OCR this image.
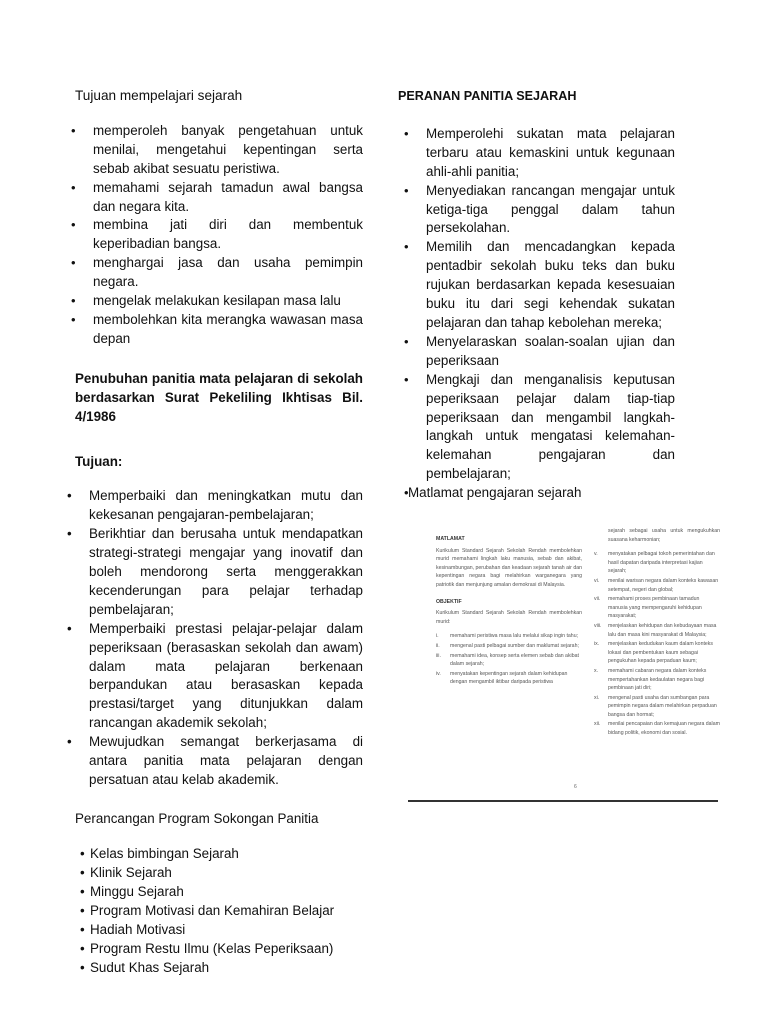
Tujuan mempelajari sejarah

• memperoleh banyak pengetahuan untuk menilai, mengetahui kepentingan serta sebab akibat sesuatu peristiwa.
• memahami sejarah tamadun awal bangsa dan negara kita.
• membina jati diri dan membentuk keperibadian bangsa.
• menghargai jasa dan usaha pemimpin negara.
• mengelak melakukan kesilapan masa lalu
• membolehkan kita merangka wawasan masa depan

Penubuhan panitia mata pelajaran di sekolah berdasarkan Surat Pekeliling Ikhtisas Bil. 4/1986

Tujuan:

• Memperbaiki dan meningkatkan mutu dan kekesanan pengajaran-pembelajaran;
• Berikhtiar dan berusaha untuk mendapatkan strategi-strategi mengajar yang inovatif dan boleh mendorong serta menggerakkan kecenderungan para pelajar terhadap pembelajaran;
• Memperbaiki prestasi pelajar-pelajar dalam peperiksaan (berasaskan sekolah dan awam) dalam mata pelajaran berkenaan berpandukan atau berasaskan kepada prestasi/target yang ditunjukkan dalam rancangan akademik sekolah;
• Mewujudkan semangat berkerjasama di antara panitia mata pelajaran dengan persatuan atau kelab akademik.

Perancangan Program Sokongan Panitia

• Kelas bimbingan Sejarah
• Klinik Sejarah
• Minggu Sejarah
• Program Motivasi dan Kemahiran Belajar
• Hadiah Motivasi
• Program Restu Ilmu (Kelas Peperiksaan)
• Sudut Khas Sejarah

PERANAN PANITIA SEJARAH

• Memperolehi sukatan mata pelajaran terbaru atau kemaskini untuk kegunaan ahli-ahli panitia;
• Menyediakan rancangan mengajar untuk ketiga-tiga penggal dalam tahun persekolahan.
• Memilih dan mencadangkan kepada pentadbir sekolah buku teks dan buku rujukan berdasarkan kepada kesesuaian buku itu dari segi kehendak sukatan pelajaran dan tahap kebolehan mereka;
• Menyelaraskan soalan-soalan ujian dan peperiksaan
• Mengkaji dan menganalisis keputusan peperiksaan pelajar dalam tiap-tiap peperiksaan dan mengambil langkah-langkah untuk mengatasi kelemahan-kelemahan pengajaran dan pembelajaran;
• Matlamat pengajaran sejarah

MATLAMAT

Kurikulum Standard Sejarah Sekolah Rendah membolehkan murid memahami lingkah laku manusia, sebab dan akibat, kesinambungan, perubahan dan keadaan sejarah tanah air dan kepentingan negara bagi melahirkan warganegara yang patriotik dan menjunjung amalan demokrasi di Malaysia.

OBJEKTIF

Kurikulum Standard Sejarah Sekolah Rendah membolehkan murid:

i. memahami peristiwa masa lalu melalui sikap ingin tahu;
ii. mengenal pasti pelbagai sumber dan maklumat sejarah;
iii. memahami idea, konsep serta elemen sebab dan akibat dalam sejarah;
iv. menyatakan kepentingan sejarah dalam kehidupan dengan mengambil iktibar daripada peristiwa

sejarah sebagai usaha untuk mengukuhkan suasana keharmonian;

v. menyatakan pelbagai tokoh pemerintahan dan hasil dapatan daripada interpretasi kajian sejarah;
vi. menilai warisan negara dalam konteks kawasan setempat, negeri dan global;
vii. memahami proses pembinaan tamadun manusia yang mempengaruhi kehidupan masyarakat;
viii. menjelaskan kehidupan dan kebudayaan masa lalu dan masa kini masyarakat di Malaysia;
ix. menjelaskan kedudukan kaum dalam konteks lokasi dan pembentukan kaum sebagai pengukuhan kepada perpaduan kaum;
x. memahami cabaran negara dalam konteks mempertahankan kedaulatan negara bagi pembinaan jati diri;
xi. mengenal pasti usaha dan sumbangan para pemimpin negara dalam melahirkan perpaduan bangsa dan hormat;
xii. menilai pencapaian dan kemajuan negara dalam bidang politik, ekonomi dan sosial.
6
